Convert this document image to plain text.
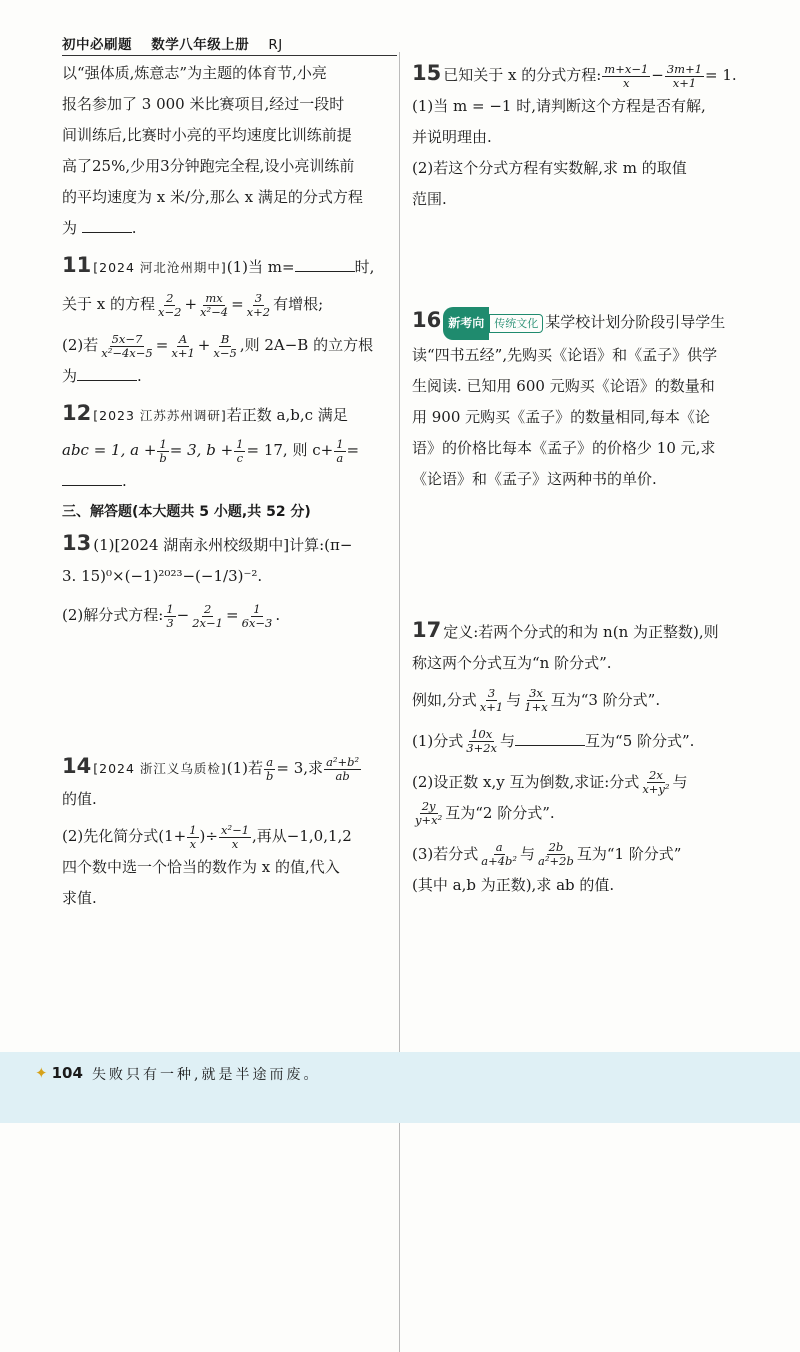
初中必刷题 数学八年级上册 RJ

以“强体质,炼意志”为主题的体育节,小亮

报名参加了 3 000 米比赛项目,经过一段时

间训练后,比赛时小亮的平均速度比训练前提

高了25%,少用3分钟跑完全程,设小亮训练前

的平均速度为 x 米/分,那么 x 满足的分式方程

为	.

11 [2024 河北沧州期中](1)当 m=	时,

关于 x 的方程 $\frac{2}{x-2} + \frac{mx}{\text{x²−4}} = \frac{3}{x+2}$ 有增根;

(2)若 $\frac{5x-7}{\text{x²−4x−5}} = \frac{A}{x+1} + \frac{B}{x-5}$ ,则 2A−B 的立方根

为	.

12 [2023 江苏苏州调研]若正数 a,b,c 满足

abc = 1, $a + \frac{1}{b} = 3$, $b + \frac{1}{c} = 17$, 则 $c+ \frac{1}{a}$ =

.

三、解答题(本大题共 5 小题,共 52 分)

13 (1)[2024 湖南永州校级期中]计算:(π−

3. 15)⁰×(−1)²⁰²³−(−1/3)⁻².

(2)解分式方程: $\frac{1}{3} - \frac{2}{2x-1} = \frac{1}{6x-3}$ .

14 [2024 浙江义乌质检](1)若 $\frac{a}{b} = 3$,求 $\frac{\text{a²+b²}}{ab}$

的值.

(2)先化简分式($1+ \frac{1}{x}$ )÷ $\frac{\text{x²−1}}{x}$ ,再从−1,0,1,2

四个数中选一个恰当的数作为 x 的值,代入

求值.

15 已知关于 x 的分式方程: $\frac{m+x-1}{x} - \frac{3m+1}{x+1} = 1$.

(1)当 m = −1 时,请判断这个方程是否有解,

并说明理由.

(2)若这个分式方程有实数解,求 m 的取值

范围.

16 新考向 传统文化 某学校计划分阶段引导学生

读“四书五经”,先购买《论语》和《孟子》供学

生阅读. 已知用 600 元购买《论语》的数量和

用 900 元购买《孟子》的数量相同,每本《论

语》的价格比每本《孟子》的价格少 10 元,求

《论语》和《孟子》这两种书的单价.

17 定义:若两个分式的和为 n(n 为正整数),则

称这两个分式互为“n 阶分式”.

例如,分式 $\frac{3}{x+1}$ 与 $\frac{3x}{1+x}$ 互为“3 阶分式”.

(1)分式 $\frac{10x}{3+2x}$ 与	互为“5 阶分式”.

(2)设正数 x,y 互为倒数,求证:分式 $\frac{2x}{\text{x+y²}}$ 与

$\frac{2y}{\text{y+x²}}$ 互为“2 阶分式”.

(3)若分式 $\frac{a}{\text{a+4b²}}$ 与 $\frac{2b}{\text{a²+2b}}$ 互为“1 阶分式”

(其中 a,b 为正数),求 ab 的值.

✦ 104 失败只有一种,就是半途而废。
